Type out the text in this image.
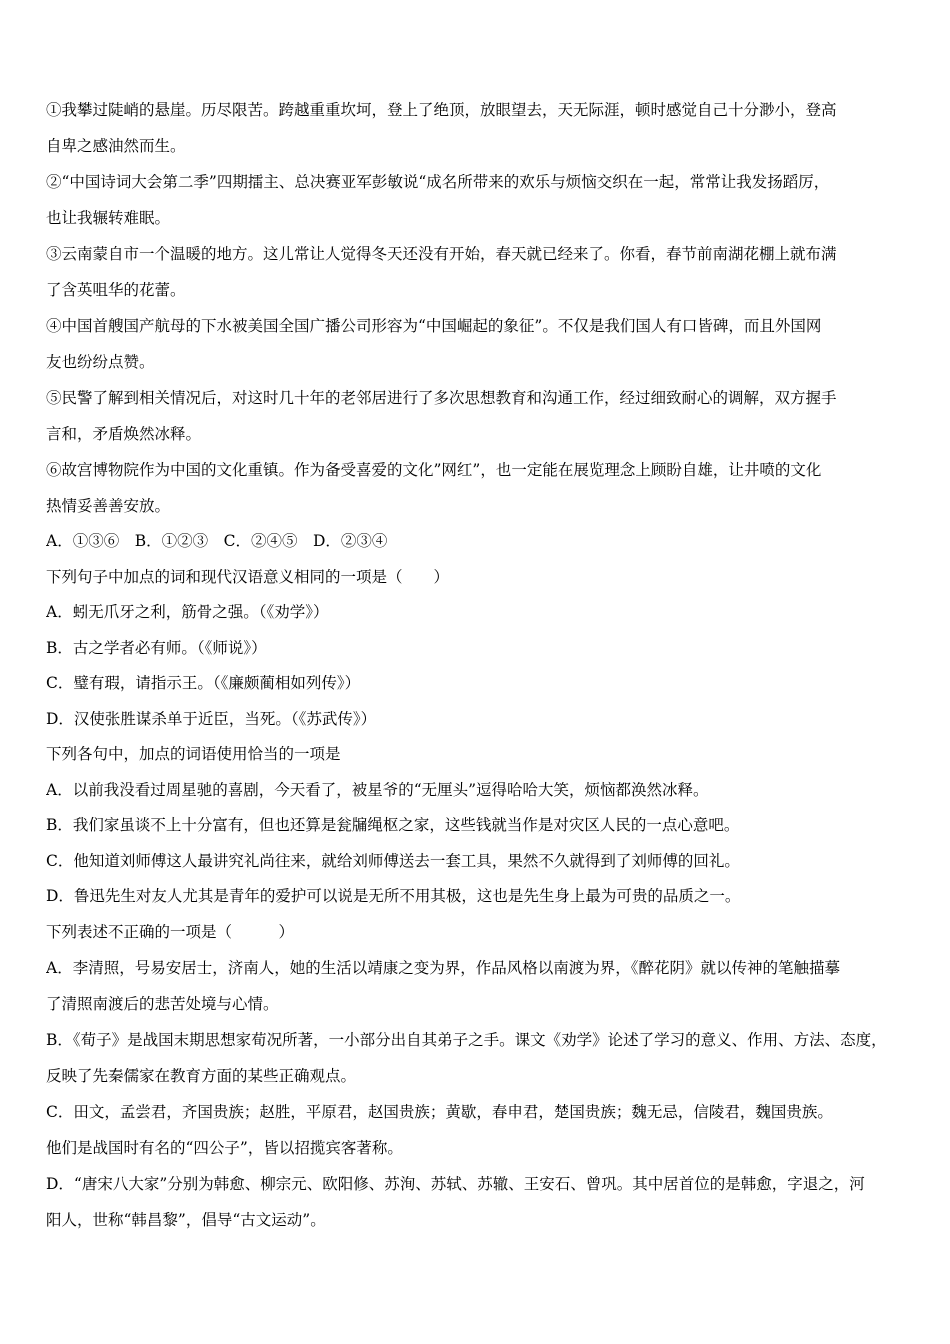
①我攀过陡峭的悬崖。历尽限苦。跨越重重坎坷，登上了绝顶，放眼望去，天无际涯，顿时感觉自己十分渺小，登高
自卑之感油然而生。
②“中国诗词大会第二季”四期擂主、总决赛亚军彭敏说“成名所带来的欢乐与烦恼交织在一起，常常让我发扬蹈厉，
也让我辗转难眠。
③云南蒙自市一个温暖的地方。这儿常让人觉得冬天还没有开始，春天就已经来了。你看，春节前南湖花棚上就布满
了含英咀华的花蕾。
④中国首艘国产航母的下水被美国全国广播公司形容为“中国崛起的象征”。不仅是我们国人有口皆碑，而且外国网
友也纷纷点赞。
⑤民警了解到相关情况后，对这时几十年的老邻居进行了多次思想教育和沟通工作，经过细致耐心的调解，双方握手
言和，矛盾焕然冰释。
⑥故宫博物院作为中国的文化重镇。作为备受喜爱的文化”网红”，也一定能在展览理念上顾盼自雄，让井喷的文化
热情妥善善安放。
A．①③⑥　B．①②③　C．②④⑤　D．②③④
下列句子中加点的词和现代汉语意义相同的一项是（　　）
A．蚓无爪牙之利，筋骨之强。（《劝学》）
B．古之学者必有师。（《师说》）
C．璧有瑕，请指示王。（《廉颇蔺相如列传》）
D．汉使张胜谋杀单于近臣，当死。（《苏武传》）
下列各句中，加点的词语使用恰当的一项是
A．以前我没看过周星驰的喜剧，今天看了，被星爷的“无厘头”逗得哈哈大笑，烦恼都涣然冰释。
B．我们家虽谈不上十分富有，但也还算是瓮牖绳枢之家，这些钱就当作是对灾区人民的一点心意吧。
C．他知道刘师傅这人最讲究礼尚往来，就给刘师傅送去一套工具，果然不久就得到了刘师傅的回礼。
D．鲁迅先生对友人尤其是青年的爱护可以说是无所不用其极，这也是先生身上最为可贵的品质之一。
下列表述不正确的一项是（　　　）
A．李清照，号易安居士，济南人，她的生活以靖康之变为界，作品风格以南渡为界，《醉花阴》就以传神的笔触描摹
了清照南渡后的悲苦处境与心情。
B．《荀子》是战国末期思想家荀况所著，一小部分出自其弟子之手。课文《劝学》论述了学习的意义、作用、方法、态度，
反映了先秦儒家在教育方面的某些正确观点。
C．田文，孟尝君，齐国贵族；赵胜，平原君，赵国贵族；黄歇，春申君，楚国贵族；魏无忌，信陵君，魏国贵族。
他们是战国时有名的“四公子”，皆以招揽宾客著称。
D．“唐宋八大家”分别为韩愈、柳宗元、欧阳修、苏洵、苏轼、苏辙、王安石、曾巩。其中居首位的是韩愈，字退之，河
阳人，世称“韩昌黎”，倡导“古文运动”。
